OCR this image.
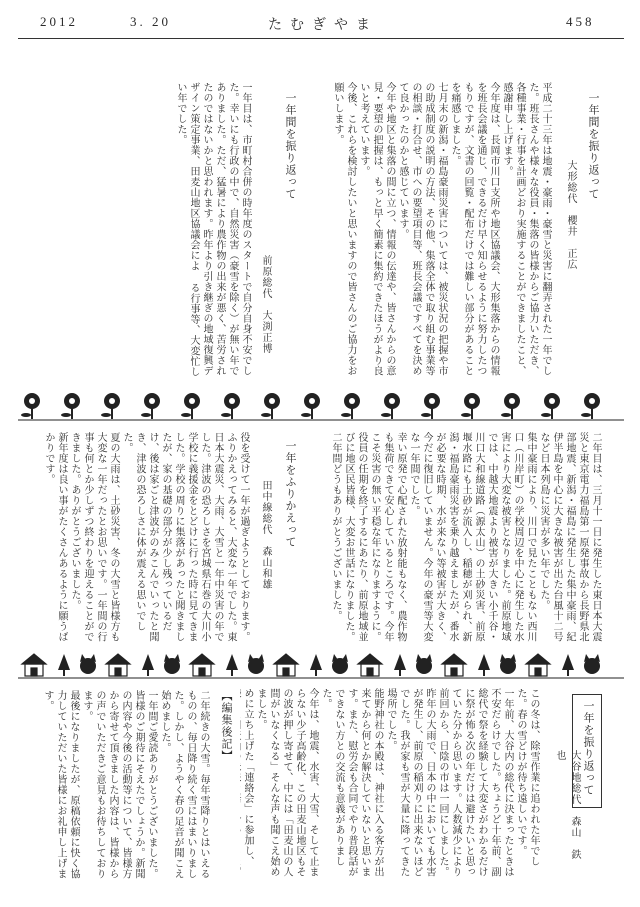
2012	3. 20	たむぎやま	458
一年間を振り返って
大形総代　櫻井　正広
平成二十三年は地震・豪雨・豪雪と災害に翻弄された一年でした。班長さんや様々な役員・集落の皆様からご協力いただき、各種事業・行事を計画どおり実施することができましたこと、感謝申し上げます。
今年度は、長岡市川口支所や地区協議会、大形集落からの情報を班長会議を通じ、できるだけ早く知らせるように努力したつもりですが、文書の回覧・配布だけでは難しい部分があることを痛感しました。
七月末の新潟・福島豪雨災害については、被災状況の把握や市の助成制度の説明の方法、その他、集落全体で取り組む事業等の相談・打合せ、市への要望項目等、班長会議ですべてを決めて良かったのかと感じています。
今年や地区と集落の間に立つ、情報の伝達や、皆さんからの意見・要望の把握は、もっと早く簡素に集約できたほうがより良いと考えています。
今後、これらを検討したいと思いますので皆さんのご協力をお願いします。
一年間を振り返って
前原総代　大渕正博
一年目は、市町村合併の時年度のスタートで自分自身不安でした。幸いにも行政の中で、自然災害（豪雪を除く）が無い年でありました。ただ、猛暑により農作物の出来が悪く、苦労されたのではないかと思われます。昨年より引き継ぎの地域復興デザイン策定事業、田麦山地区協議会によ る行事等、大変忙しい年でした。
二年目は、三月十一日に発生した東日本大震災と東京電力福島第一原発事故から長野県北部地震、新潟・福島に発生した集中豪雨、紀伊半島を中心に大きな被害が出た台風十二号など日本列島に災害が多い年でした。
集中豪雨により、川口で見たこともない西川口（川岸町）の学校周辺を中心に発生した水害により大変な被害となりました。前原地域では、中越大地震より被害が大きい小千谷・川口大和線道路（源太山）の土砂災害、前原堰水路にも土砂が流入し、稲穂が刈られ、新潟・福島豪雨災害を乗り越えましたが、番水が必要な時期、水が来ない等被害が大きく、今だに復旧していません。今年の豪雪等大変な一年間でした。
幸い原発で心配された放射能もなく、農作物も集荷できて安心しているところです。今年こそ災害の無い平穏な年になりますように。
役員の任期を終了するにあたり、前原地域並びに地区民皆様、大変お世話になりました。二年間どうもありがとうございました。
一年をふりかえって
田中線総代　森山和雄
役を受けて一年が過ぎようとしております。ふりかえってみると、大変な一年でした。東日本大震災、大雨、大雪と一年中災害の年でした。津波の恐ろしさを宮城県石巻の大川小学校に義援金をとどけに行った時に見てきました。学校の周りに集落があったと聞きましたが、家の基礎の部分が少し残っているだけ、後は家ごと津波がのみこんでいったと聞き、津波の恐ろしさに体が震える思いでした。
夏の大雨は、土砂災害、冬の大雪と皆様方も大変な一年だったとお思いです。一年間の行事も何とか少しずつ終わりを迎えることができました。ありがとうございました。
新年度は良い事がたくさんあるように願うばかりです。
一年を振り返って
大谷地総代　森山　鉄也
この冬は、除雪作業に追われた年でした。春の雪どけが待ち遠しいです。
一年前、大谷内の総代に決まったときは不安だらけでした。ちょうど十年前、副総代で祭を経験して大変さがわかるだけに祭が怖る次の年だけは避けたいと思っていた分から思います。人数減少により前回から、日陰の市は一回にしました。
昨年の大雨で、日本の中においても水害が発生し、前原の稲刈りに出来ないほどでした。我が家も雪が大量に降ってきた場所でした。
能野神社の本殿は、神社に入る客方が出来てから何とか解決していないと思います。また、慰労会も合同でやり普段話ができない方との交流も意義がありました。
今年は、地震、水害、大雪、そして止まらない少子高齢化、この田麦山地区もその波が押し寄せて、中には「田麦山の人間がいなくなる」そんな声も聞こえ始めました。
めに立ち上げた「連絡会」に参加し、

【編集後記】
二年続きの大雪。毎年雪降りとはいえるものの、毎日降り続く雪にはまいりました。しかし、ようやく春の足音が聞こえ始めました。
一年間ご愛読ありがとうございました。皆様のご期待にそえたでしょうか。新聞の内容や今後の活動等について、皆様方から寄せて頂きました内容は、皆様からの声でいただきご意見もお待ちしております。
最後になりましたが、原稿依頼に快く協力していただいた皆様にお礼申し上げます。
